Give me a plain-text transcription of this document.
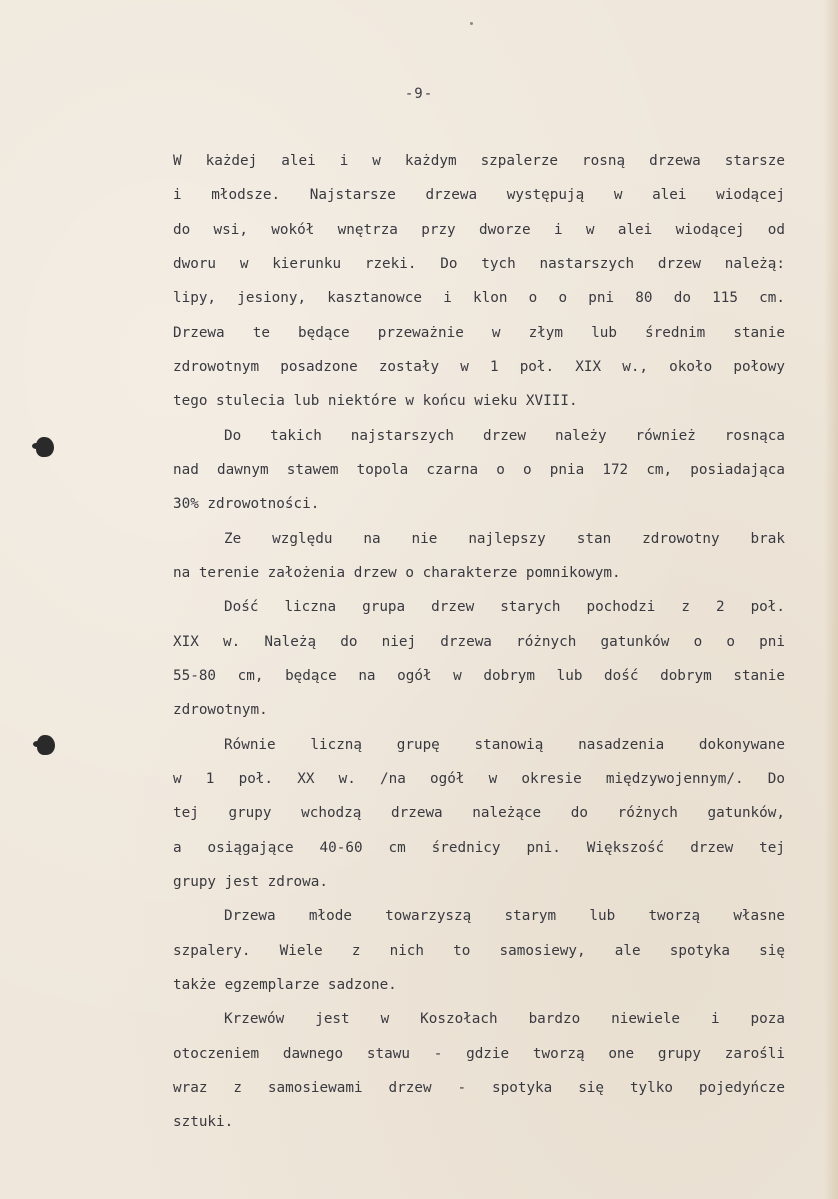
-9-
W każdej alei i w każdym szpalerze rosną drzewa starsze
i młodsze. Najstarsze drzewa występują w alei wiodącej
do wsi, wokół wnętrza przy dworze i w alei wiodącej od
dworu w kierunku rzeki. Do tych nastarszych drzew należą:
lipy, jesiony, kasztanowce i klon o o pni 80 do 115 cm.
Drzewa te będące przeważnie w złym lub średnim stanie
zdrowotnym posadzone zostały w 1 poł. XIX w., około połowy
tego stulecia lub niektóre w końcu wieku XVIII.
Do takich najstarszych drzew należy również rosnąca
nad dawnym stawem topola czarna o o pnia 172 cm, posiadająca
30% zdrowotności.
Ze względu na nie najlepszy stan zdrowotny brak
na terenie założenia drzew o charakterze pomnikowym.
Dość liczna grupa drzew starych pochodzi z 2 poł.
XIX w. Należą do niej drzewa różnych gatunków o o pni
55-80 cm, będące na ogół w dobrym lub dość dobrym stanie
zdrowotnym.
Równie liczną grupę stanowią nasadzenia dokonywane
w 1 poł. XX w. /na ogół w okresie międzywojennym/. Do
tej grupy wchodzą drzewa należące do różnych gatunków,
a osiągające 40-60 cm średnicy pni. Większość drzew tej
grupy jest zdrowa.
Drzewa młode towarzyszą starym lub tworzą własne
szpalery. Wiele z nich to samosiewy, ale spotyka się
także egzemplarze sadzone.
Krzewów jest w Koszołach bardzo niewiele i poza
otoczeniem dawnego stawu - gdzie tworzą one grupy zarośli
wraz z samosiewami drzew - spotyka się tylko pojedyńcze
sztuki.
